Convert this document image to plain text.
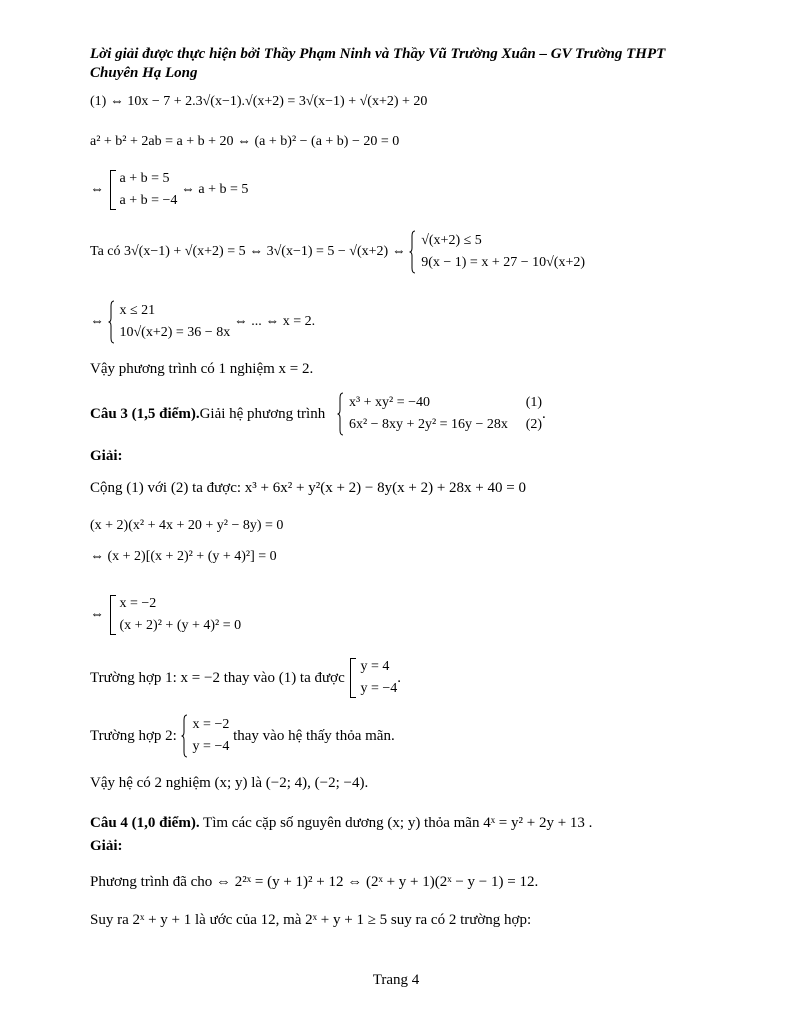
Lời giải được thực hiện bởi Thầy Phạm Ninh và Thầy Vũ Trường Xuân – GV Trường THPT
Chuyên Hạ Long
(1) ⇔ 10x − 7 + 2.3√(x−1).√(x+2) = 3√(x−1) + √(x+2) + 20
a² + b² + 2ab = a + b + 20 ⇔ (a + b)² − (a + b) − 20 = 0
⇔
a + b = 5
a + b = −4
⇔ a + b = 5
Ta có 3√(x−1) + √(x+2) = 5 ⇔ 3√(x−1) = 5 − √(x+2) ⇔
√(x+2) ≤ 5
9(x − 1) = x + 27 − 10√(x+2)
⇔
x ≤ 21
10√(x+2) = 36 − 8x
⇔ ... ⇔ x = 2.
Vậy phương trình có 1 nghiệm x = 2.
Câu 3 (1,5 điểm).Giải hệ phương trình
x³ + xy² = −40
6x² − 8xy + 2y² = 16y − 28x

(1)
(2)
.
Giải:
Cộng (1) với (2) ta được: x³ + 6x² + y²(x + 2) − 8y(x + 2) + 28x + 40 = 0
(x + 2)(x² + 4x + 20 + y² − 8y) = 0
⇔ (x + 2)[(x + 2)² + (y + 4)²] = 0
⇔
x = −2
(x + 2)² + (y + 4)² = 0
Trường hợp 1: x = −2 thay vào (1) ta được
y = 4
y = −4
.
Trường hợp 2:
x = −2
y = −4
thay vào hệ thấy thỏa mãn.
Vậy hệ có 2 nghiệm (x; y) là (−2; 4), (−2; −4).
Câu 4 (1,0 điểm). Tìm các cặp số nguyên dương (x; y) thỏa mãn 4ˣ = y² + 2y + 13 .
Giải:
Phương trình đã cho ⇔ 2²ˣ = (y + 1)² + 12 ⇔ (2ˣ + y + 1)(2ˣ − y − 1) = 12.
Suy ra 2ˣ + y + 1 là ước của 12, mà 2ˣ + y + 1 ≥ 5 suy ra có 2 trường hợp:
Trang 4
